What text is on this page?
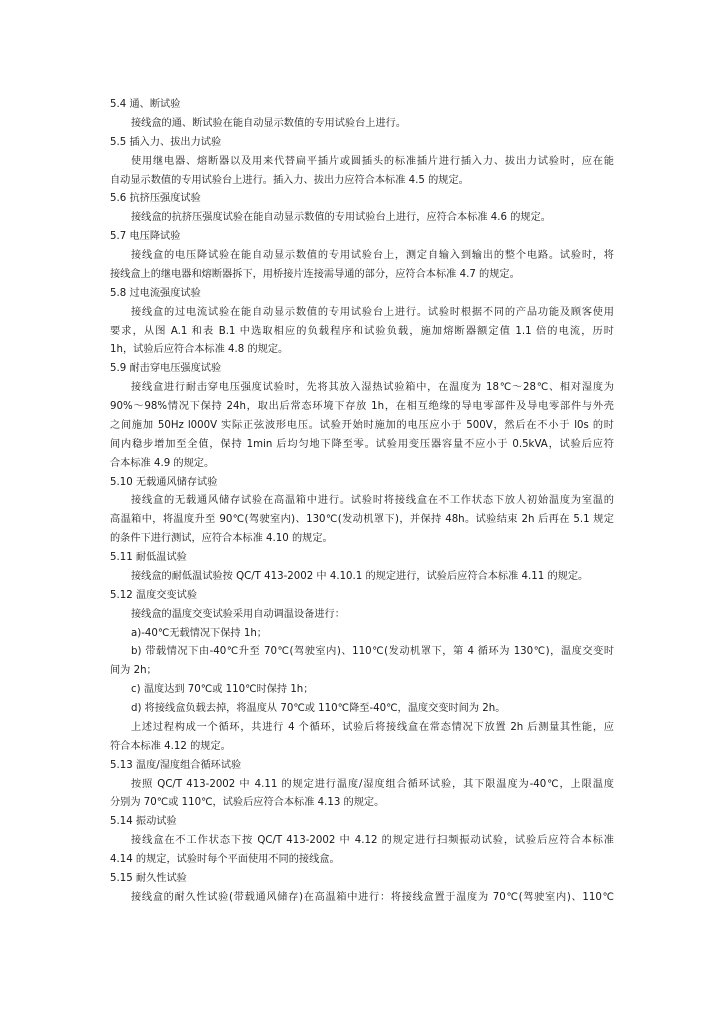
5.4 通、断试验
接线盒的通、断试验在能自动显示数值的专用试验台上进行。
5.5 插入力、拔出力试验
使用继电器、熔断器以及用来代替扁平插片或圆插头的标准插片进行插入力、拔出力试验时，应在能
自动显示数值的专用试验台上进行。插入力、拔出力应符合本标准 4.5 的规定。
5.6 抗挤压强度试验
接线盒的抗挤压强度试验在能自动显示数值的专用试验台上进行，应符合本标准 4.6 的规定。
5.7 电压降试验
接线盒的电压降试验在能自动显示数值的专用试验台上，测定自输入到输出的整个电路。试验时，将
接线盒上的继电器和熔断器拆下，用桥接片连接需导通的部分，应符合本标准 4.7 的规定。
5.8 过电流强度试验
接线盒的过电流试验在能自动显示数值的专用试验台上进行。试验时根据不同的产品功能及顾客使用
要求，从图 A.1 和表 B.1 中选取相应的负载程序和试验负载，施加熔断器额定值 1.1 倍的电流，历时
1h，试验后应符合本标准 4.8 的规定。
5.9 耐击穿电压强度试验
接线盒进行耐击穿电压强度试验时，先将其放入湿热试验箱中，在温度为 18℃～28℃、相对湿度为
90%～98%情况下保持 24h，取出后常态环境下存放 1h，在相互绝缘的导电零部件及导电零部件与外壳
之间施加 50Hz l000V 实际正弦波形电压。试验开始时施加的电压应小于 500V，然后在不小于 l0s 的时
间内稳步增加至全值，保持 1min 后均匀地下降至零。试验用变压器容量不应小于 0.5kVA，试验后应符
合本标准 4.9 的规定。
5.10 无载通风储存试验
接线盒的无载通风储存试验在高温箱中进行。试验时将接线盒在不工作状态下放人初始温度为室温的
高温箱中，将温度升至 90℃(驾驶室内)、130℃(发动机罩下)，并保持 48h。试验结束 2h 后再在 5.1 规定
的条件下进行测试，应符合本标准 4.10 的规定。
5.11 耐低温试验
接线盒的耐低温试验按 QC/T 413-2002 中 4.10.1 的规定进行，试验后应符合本标准 4.11 的规定。
5.12 温度交变试验
接线盒的温度交变试验采用自动调温设备进行：
a)-40℃无载情况下保持 1h；
b) 带载情况下由-40℃升至 70℃(驾驶室内)、110℃(发动机罩下，第 4 循环为 130℃)，温度交变时
间为 2h；
c) 温度达到 70℃或 110℃时保持 1h；
d) 将接线盒负载去掉，将温度从 70℃或 110℃降至-40℃，温度交变时间为 2h。
上述过程构成一个循环，共进行 4 个循环，试验后将接线盒在常态情况下放置 2h 后测量其性能，应
符合本标准 4.12 的规定。
5.13 温度/湿度组合循环试验
按照 QC/T 413-2002 中 4.11 的规定进行温度/湿度组合循环试验，其下限温度为-40℃，上限温度
分别为 70℃或 110℃，试验后应符合本标准 4.13 的规定。
5.14 振动试验
接线盒在不工作状态下按 QC/T 413-2002 中 4.12 的规定进行扫频振动试验，试验后应符合本标准
4.14 的规定，试验时每个平面使用不同的接线盒。
5.15 耐久性试验
接线盒的耐久性试验(带载通风储存)在高温箱中进行：将接线盒置于温度为 70℃(驾驶室内)、110℃
